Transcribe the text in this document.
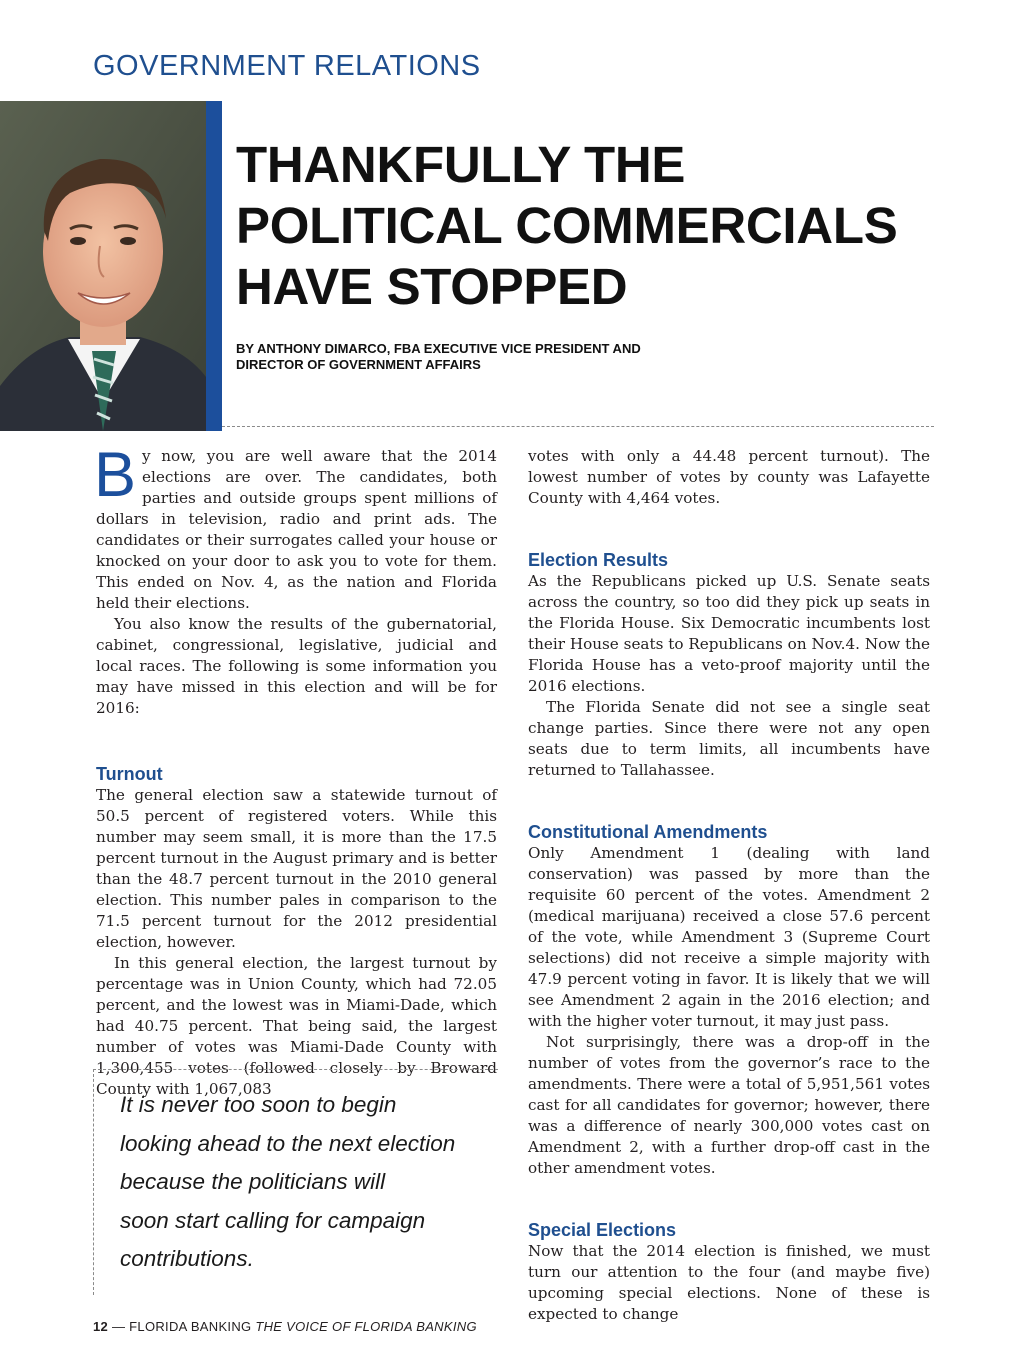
GOVERNMENT RELATIONS
THANKFULLY THE
POLITICAL COMMERCIALS
HAVE STOPPED
BY ANTHONY DIMARCO, FBA EXECUTIVE VICE PRESIDENT AND
DIRECTOR OF GOVERNMENT AFFAIRS

By now, you are well aware that the 2014 elections are over. The candidates, both parties and outside groups spent millions of dollars in television, radio and print ads. The candidates or their surrogates called your house or knocked on your door to ask you to vote for them. This ended on Nov. 4, as the nation and Florida held their elections.

You also know the results of the gubernatorial, cabinet, congressional, legislative, judicial and local races. The following is some information you may have missed in this election and will be for 2016:

Turnout

The general election saw a statewide turnout of 50.5 percent of registered voters. While this number may seem small, it is more than the 17.5 percent turnout in the August primary and is better than the 48.7 percent turnout in the 2010 general election. This number pales in comparison to the 71.5 percent turnout for the 2012 presidential election, however.

In this general election, the largest turnout by percentage was in Union County, which had 72.05 percent, and the lowest was in Miami-Dade, which had 40.75 percent. That being said, the largest number of votes was Miami-Dade County with 1,300,455 votes (followed closely by Broward County with 1,067,083

It is never too soon to begin
looking ahead to the next election
because the politicians will
soon start calling for campaign
contributions.

votes with only a 44.48 percent turnout). The lowest number of votes by county was Lafayette County with 4,464 votes.

Election Results

As the Republicans picked up U.S. Senate seats across the country, so too did they pick up seats in the Florida House. Six Democratic incumbents lost their House seats to Republicans on Nov.4. Now the Florida House has a veto-proof majority until the 2016 elections.

The Florida Senate did not see a single seat change parties. Since there were not any open seats due to term limits, all incumbents have returned to Tallahassee.

Constitutional Amendments

Only Amendment 1 (dealing with land conservation) was passed by more than the requisite 60 percent of the votes. Amendment 2 (medical marijuana) received a close 57.6 percent of the vote, while Amendment 3 (Supreme Court selections) did not receive a simple majority with 47.9 percent voting in favor. It is likely that we will see Amendment 2 again in the 2016 election; and with the higher voter turnout, it may just pass.

Not surprisingly, there was a drop-off in the number of votes from the governor’s race to the amendments. There were a total of 5,951,561 votes cast for all candidates for governor; however, there was a difference of nearly 300,000 votes cast on Amendment 2, with a further drop-off cast in the other amendment votes.

Special Elections

Now that the 2014 election is finished, we must turn our attention to the four (and maybe five) upcoming special elections. None of these is expected to change

12 — FLORIDA BANKING THE VOICE OF FLORIDA BANKING
